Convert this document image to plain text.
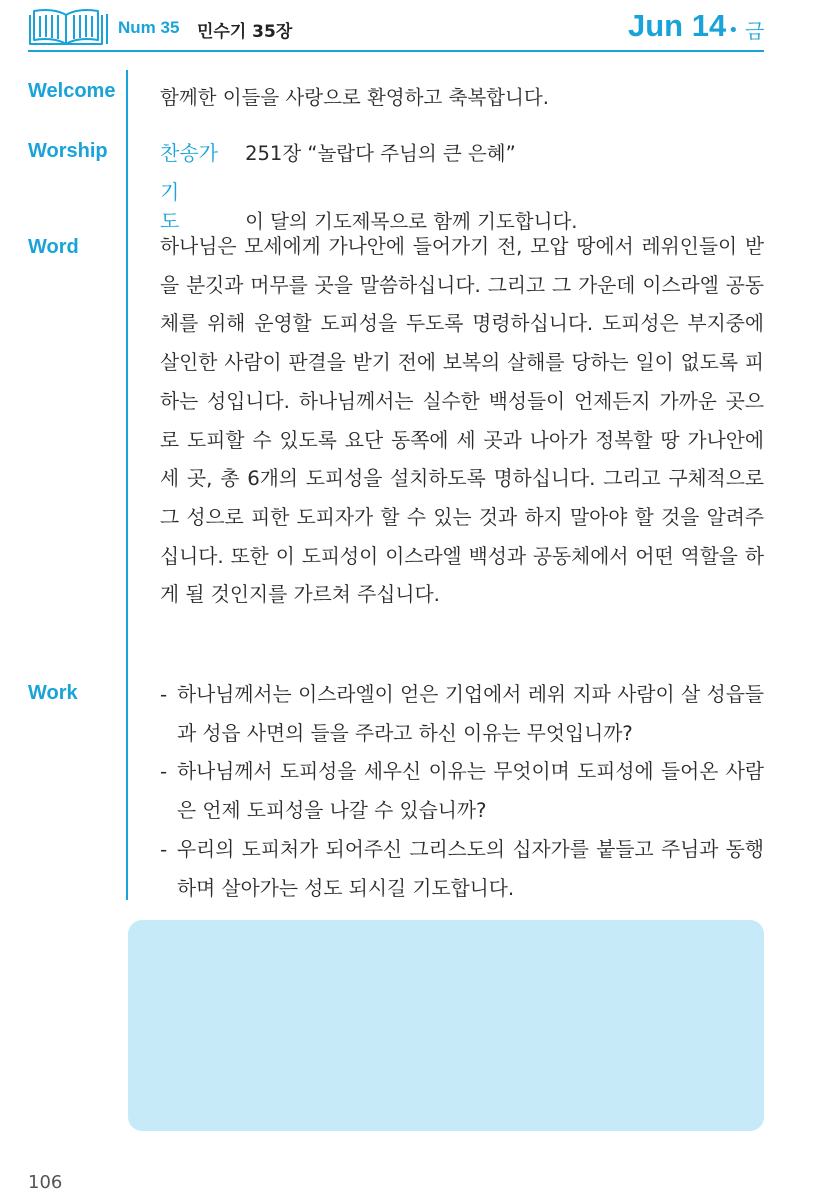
Num 35 민수기 35장	Jun 14 • 금
Welcome 함께한 이들을 사랑으로 환영하고 축복합니다.
Worship	찬송가 251장 “놀랍다 주님의 큰 은혜”
기 도 이 달의 기도제목으로 함께 기도합니다.
Word	하나님은 모세에게 가나안에 들어가기 전, 모압 땅에서 레위인들이 받을 분깃과 머무를 곳을 말씀하십니다. 그리고 그 가운데 이스라엘 공동체를 위해 운영할 도피성을 두도록 명령하십니다. 도피성은 부지중에 살인한 사람이 판결을 받기 전에 보복의 살해를 당하는 일이 없도록 피하는 성입니다. 하나님께서는 실수한 백성들이 언제든지 가까운 곳으로 도피할 수 있도록 요단 동쪽에 세 곳과 나아가 정복할 땅 가나안에 세 곳, 총 6개의 도피성을 설치하도록 명하십니다. 그리고 구체적으로 그 성으로 피한 도피자가 할 수 있는 것과 하지 말아야 할 것을 알려주십니다. 또한 이 도피성이 이스라엘 백성과 공동체에서 어떤 역할을 하게 될 것인지를 가르쳐 주십니다.
Work	- 하나님께서는 이스라엘이 얻은 기업에서 레위 지파 사람이 살 성읍들과 성읍 사면의 들을 주라고 하신 이유는 무엇입니까?
- 하나님께서 도피성을 세우신 이유는 무엇이며 도피성에 들어온 사람은 언제 도피성을 나갈 수 있습니까?
- 우리의 도피처가 되어주신 그리스도의 십자가를 붙들고 주님과 동행하며 살아가는 성도 되시길 기도합니다.
106
